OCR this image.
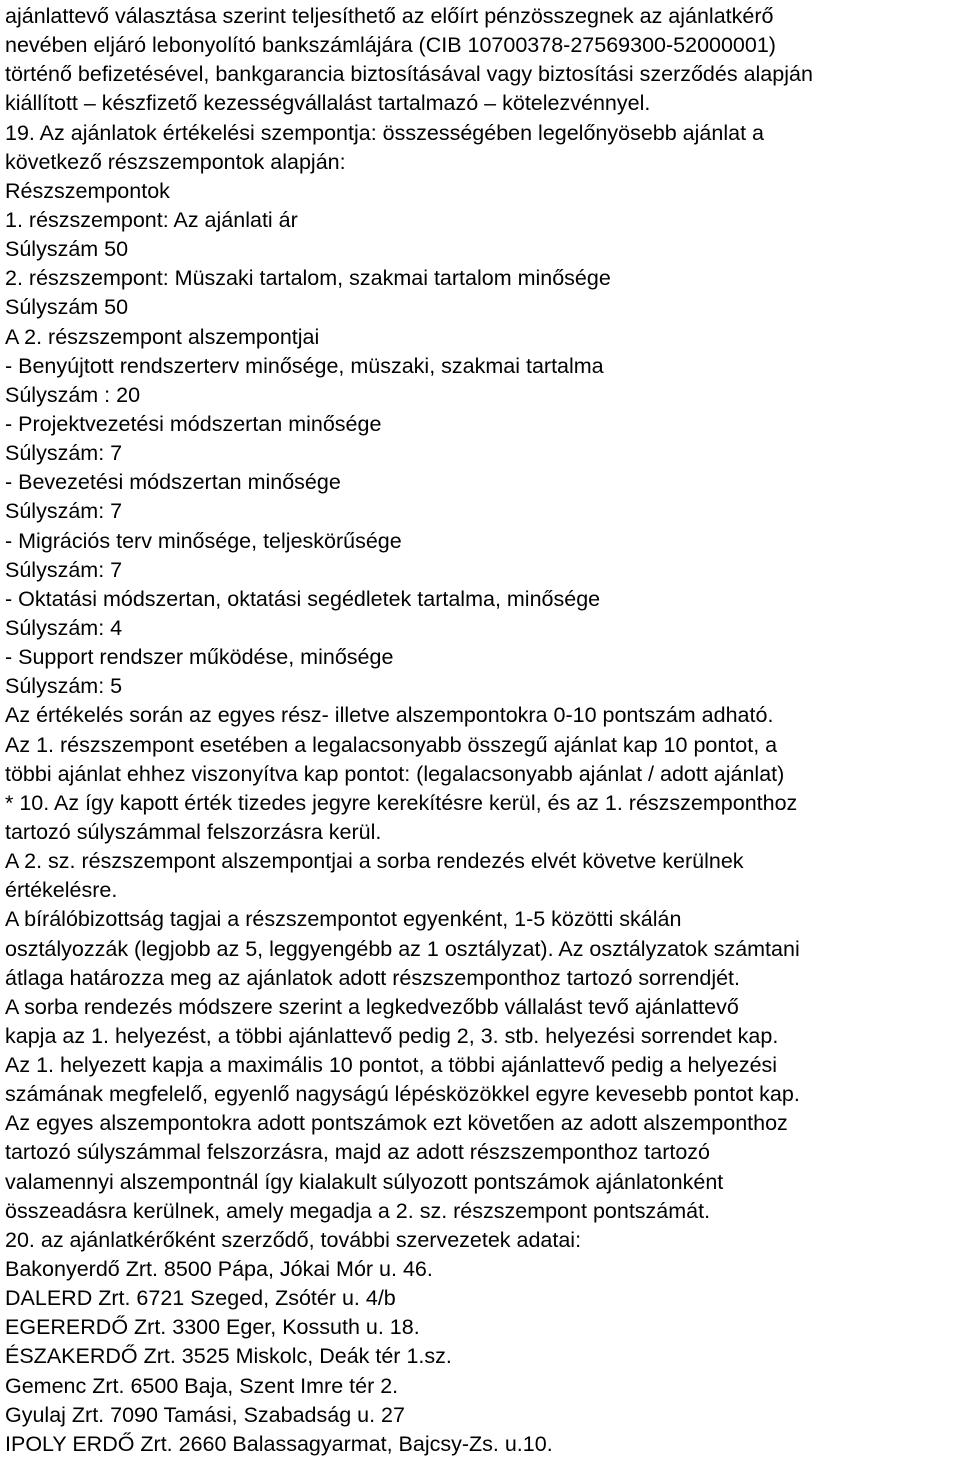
ajánlattevő választása szerint teljesíthető az előírt pénzösszegnek az ajánlatkérő
nevében eljáró lebonyolító bankszámlájára (CIB 10700378-27569300-52000001)
történő befizetésével, bankgarancia biztosításával vagy biztosítási szerződés alapján
kiállított – készfizető kezességvállalást tartalmazó – kötelezvénnyel.
19. Az ajánlatok értékelési szempontja: összességében legelőnyösebb ajánlat a
következő részszempontok alapján:
Részszempontok
1. részszempont: Az ajánlati ár
Súlyszám 50
2. részszempont: Müszaki tartalom, szakmai tartalom minősége
Súlyszám 50
A 2. részszempont alszempontjai
- Benyújtott rendszerterv minősége, müszaki, szakmai tartalma
Súlyszám : 20
- Projektvezetési módszertan minősége
Súlyszám: 7
- Bevezetési módszertan minősége
Súlyszám: 7
- Migrációs terv minősége, teljeskörűsége
Súlyszám: 7
- Oktatási módszertan, oktatási segédletek tartalma, minősége
Súlyszám: 4
- Support rendszer működése, minősége
Súlyszám: 5
Az értékelés során az egyes rész- illetve alszempontokra 0-10 pontszám adható.
Az 1. részszempont esetében a legalacsonyabb összegű ajánlat kap 10 pontot, a
többi ajánlat ehhez viszonyítva kap pontot: (legalacsonyabb ajánlat / adott ajánlat)
* 10. Az így kapott érték tizedes jegyre kerekítésre kerül, és az 1. részszemponthoz
tartozó súlyszámmal felszorzásra kerül.
A 2. sz. részszempont alszempontjai a sorba rendezés elvét követve kerülnek
értékelésre.
A bírálóbizottság tagjai a részszempontot egyenként, 1-5 közötti skálán
osztályozzák (legjobb az 5, leggyengébb az 1 osztályzat). Az osztályzatok számtani
átlaga határozza meg az ajánlatok adott részszemponthoz tartozó sorrendjét.
A sorba rendezés módszere szerint a legkedvezőbb vállalást tevő ajánlattevő
kapja az 1. helyezést, a többi ajánlattevő pedig 2, 3. stb. helyezési sorrendet kap.
Az 1. helyezett kapja a maximális 10 pontot, a többi ajánlattevő pedig a helyezési
számának megfelelő, egyenlő nagyságú lépésközökkel egyre kevesebb pontot kap.
Az egyes alszempontokra adott pontszámok ezt követően az adott alszemponthoz
tartozó súlyszámmal felszorzásra, majd az adott részszemponthoz tartozó
valamennyi alszempontnál így kialakult súlyozott pontszámok ajánlatonként
összeadásra kerülnek, amely megadja a 2. sz. részszempont pontszámát.
20. az ajánlatkérőként szerződő, további szervezetek adatai:
Bakonyerdő Zrt. 8500 Pápa, Jókai Mór u. 46.
DALERD Zrt. 6721 Szeged, Zsótér u. 4/b
EGERERDŐ Zrt. 3300 Eger, Kossuth u. 18.
ÉSZAKERDŐ Zrt. 3525 Miskolc, Deák tér 1.sz.
Gemenc Zrt. 6500 Baja, Szent Imre tér 2.
Gyulaj Zrt. 7090 Tamási, Szabadság u. 27
IPOLY ERDŐ Zrt. 2660 Balassagyarmat, Bajcsy-Zs. u.10.
